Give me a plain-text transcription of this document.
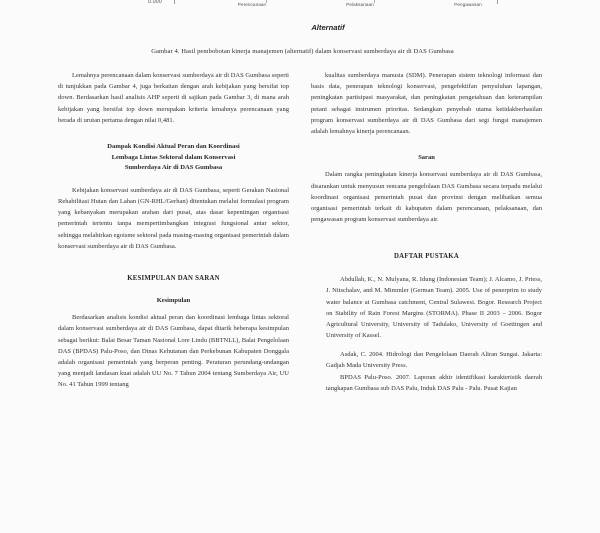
0.000	Perencanaan	Pelaksanaan	Pengawasan
Alternatif
Gambar 4. Hasil pembobotan kinerja manajemen (alternatif) dalam konservasi sumberdaya air di DAS Gumbasa

Lemahnya perencanaan dalam konservasi sumberdaya air di DAS Gumbasa seperti di tunjukkan pada Gambar 4, juga berkaitan dengan arah kebijakan yang bersifat top down. Berdasarkan hasil analisis AHP seperti di sajikan pada Gambar 3, di mana arah kebijakan yang bersifat top down merupakan kriteria lemahnya perencanaan yang berada di urutan pertama dengan nilai 0,481.

Dampak Kondisi Aktual Peran dan Koordinasi
Lembaga Lintas Sektoral dalam Konservasi
Sumberdaya Air di DAS Gumbasa

Kebijakan konservasi sumberdaya air di DAS Gumbasa, seperti Gerakan Nasional Rehabilitasi Hutan dan Lahan (GN-RHL/Gerhan) ditentukan melalui formulasi program yang kebanyakan merupakan arahan dari pusat, atas dasar kepentingan organisasi pemerintah tertentu tanpa mempertimbangkan integrasi fungsional antar sektor, sehingga melahirkan egoisme sektoral pada masing-masing organisasi pemerintah dalam konservasi sumberdaya air di DAS Gumbasa.

KESIMPULAN DAN SARAN
Kesimpulan

Berdasarkan analisis kondisi aktual peran dan koordinasi lembaga lintas sektoral dalam konservasi sumberdaya air di DAS Gumbasa, dapat ditarik beberapa kesimpulan sebagai berikut: Balai Besar Taman Nasional Lore Lindu (BBTNLL), Balai Pengelolaan DAS (BPDAS) Palu-Poso, dan Dinas Kehutanan dan Perkebunan Kabupaten Donggala adalah organisasi pemerintah yang berperan penting. Peraturan perundang-undangan yang menjadi landasan kuat adalah UU No. 7 Tahun 2004 tentang Sumberdaya Air, UU No. 41 Tahun 1999 tentang

kualitas sumberdaya manusia (SDM). Penerapan sistem teknologi informasi dan basis data, penerapan teknologi konservasi, pengefektifan penyuluhan lapangan, peningkatan partisipasi masyarakat, dan peningkatan pengetahuan dan keterampilan petani sebagai instrumen prioritas. Sedangkan penyebab utama ketidakberhasilan program konservasi sumberdaya air di DAS Gumbasa dari segi fungsi manajemen adalah lemahnya kinerja perencanaan.

Saran

Dalam rangka peningkatan kinerja konservasi sumberdaya air di DAS Gumbasa, disarankan untuk menyusun rencana pengelolaan DAS Gumbasa secara terpadu melalui koordinasi organisasi pemerintah pusat dan provinsi dengan melibatkan semua organisasi pemerintah terkait di kabupaten dalam perencanaan, pelaksanaan, dan pengawasan program konservasi sumberdaya air.

DAFTAR PUSTAKA

Abdullah, K., N. Mulyana, R. Idung (Indonesian Team); J. Alcamo, J. Priess, J. Nitschalav, and M. Mimmler (German Team). 2005. Use of penerprim to study water balance at Gumbasa catchment, Central Sulawesi. Bogor. Research Project on Stability of Rain Forest Margins (STORMA). Phase II 2003 – 2006. Bogor Agricultural University, University of Tadulako, University of Goettingen and University of Kassel.

Asdak, C. 2004. Hidrologi dan Pengelolaan Daerah Aliran Sungai. Jakarta: Gadjah Mada University Press.

BPDAS Palu-Poso. 2007. Laporan akhir identifikasi karakteristik daerah tangkapan Gumbasa sub DAS Palu, Induk DAS Palu - Palu. Pusat Kajian
